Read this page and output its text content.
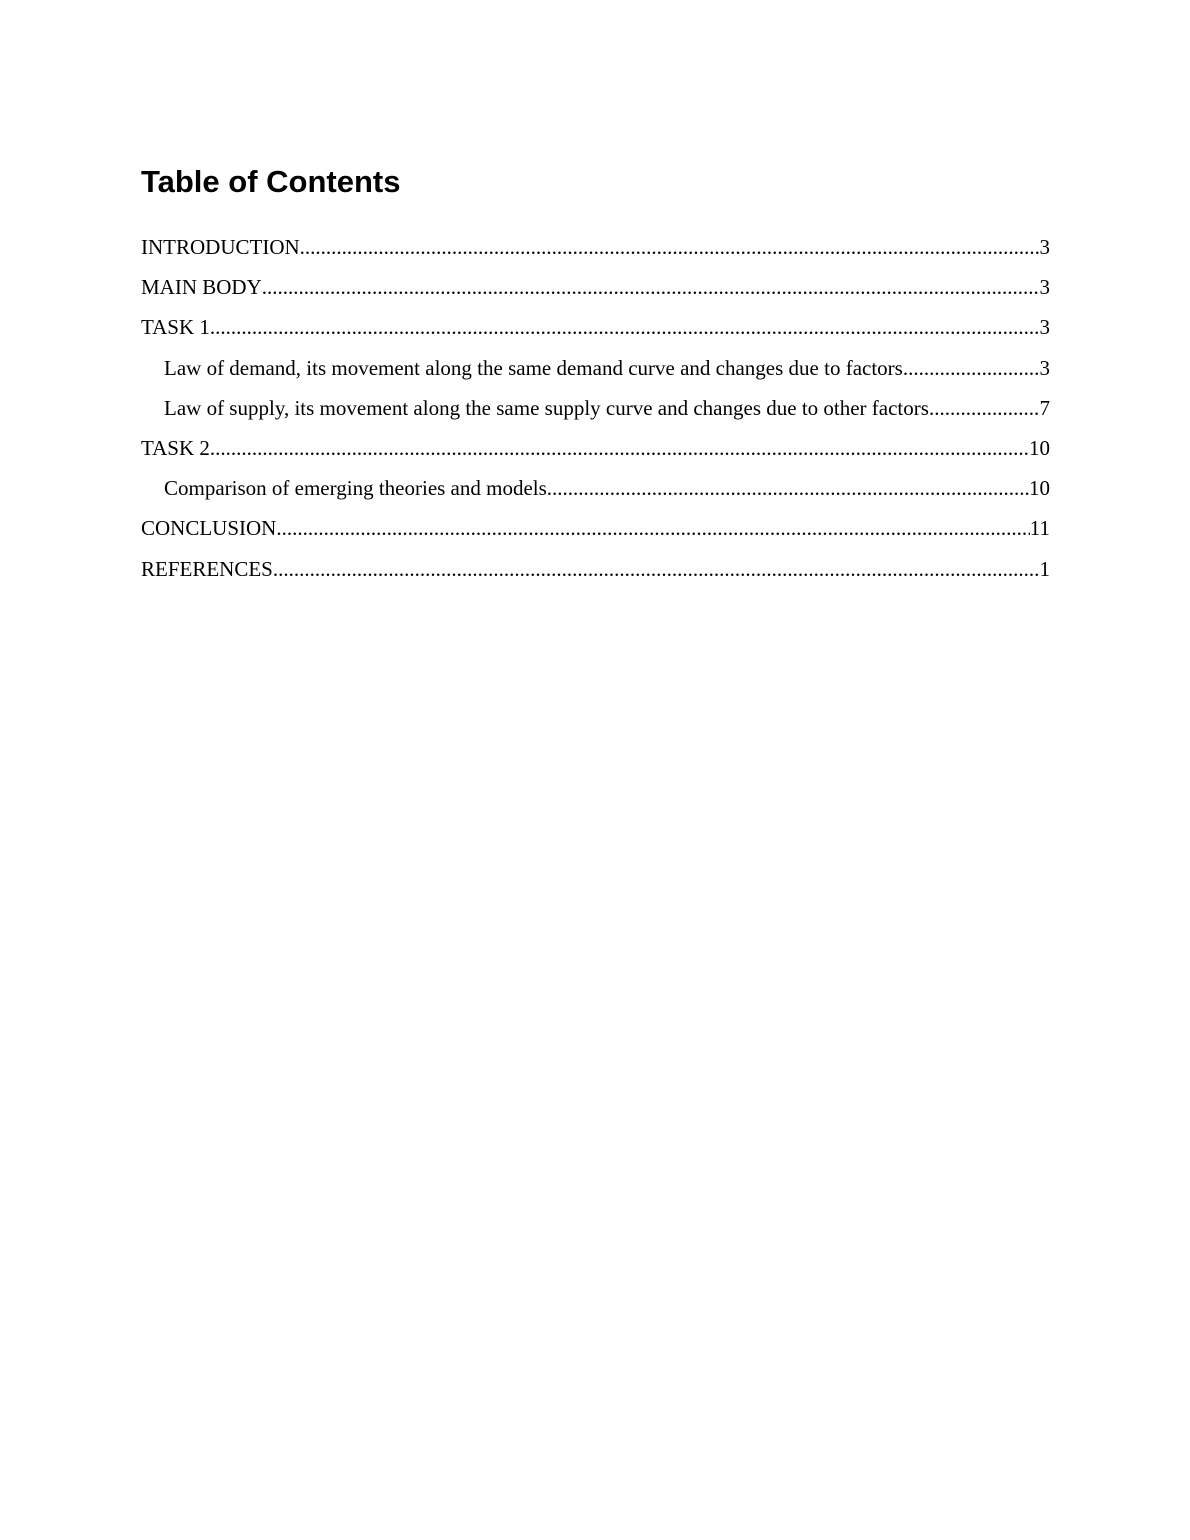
Table of Contents
INTRODUCTION .....	3
MAIN BODY .....	3
TASK 1 .....	3
Law of demand, its movement along the same demand curve and changes due to factors .....	3
Law of supply, its movement along the same supply curve and changes due to other factors .....	7
TASK 2 .....	10
Comparison of emerging theories and models .....	10
CONCLUSION .....	11
REFERENCES .....	1
